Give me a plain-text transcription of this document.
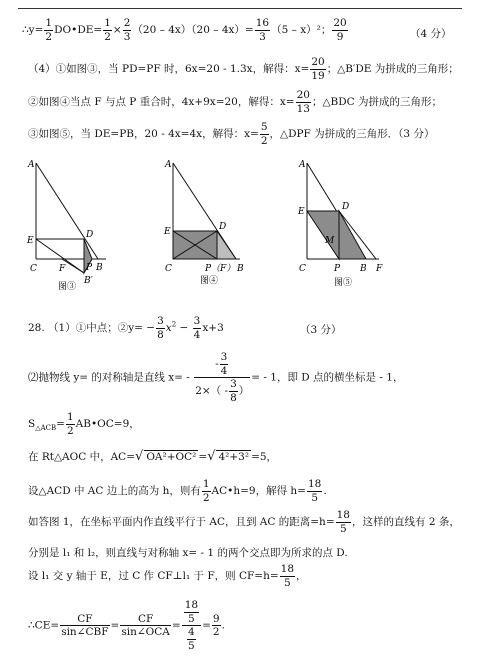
∴y= $\frac{1}{2}$ DO•DE= $\frac{1}{2} \times \frac{2}{3} (20 - 4x)(20 - 4x)= \frac{16}{3} (5 - x)^2$； $\frac{20}{9}$	（4 分）
（4）①如图③，当 PD=PF 时，6x=20 - 1.3x，解得：$x= \frac{20}{19}$ ；△B′DE 为拼成的三角形；
②如图④当点 F 与点 P 重合时，4x+9x=20，解得：$x= \frac{20}{13}$ ；△BDC 为拼成的三角形；
③如图⑤，当 DE=PB，20 - 4x=4x，解得：$x= \frac{5}{2}$ ，△DPF 为拼成的三角形．（3 分）
A
E
D
C F P B
B′
图③
A
E	D
C	P（F） B
图④
A
E	D
M
C	P B F
图⑤
28. （1）①中点；②y= − $\frac{3}{8} x^2 - \frac{3}{4} x+3$	（3 分）
⑵抛物线 y= 的对称轴是直线 $x= - \frac{- \frac{3}{4}}{2\times( - \frac{3}{8} )}$ = - 1，即 D 点的横坐标是 - 1，
$S_{\triangle ACB}= \frac{1}{2}$ AB•OC=9，
在 Rt△AOC 中，AC=√ OA²+OC² =√ 4²+3² =5，
设△ACD 中 AC 边上的高为 h，则有 $\frac{1}{2}$ AC•h=9，解得 $h= \frac{18}{5}$ .
如答图 1，在坐标平面内作直线平行于 AC，且到 AC 的距离$=h= \frac{18}{5}$ ，这样的直线有 2 条，
分别是 l₁ 和 l₂，则直线与对称轴 x= - 1 的两个交点即为所求的点 D.
设 l₁ 交 y 轴于 E，过 C 作 CF⊥l₁ 于 F，则 $CF=h= \frac{18}{5}$ ，
∴CE= $\frac{CF}{\text{sin∠CBF}} = \frac{CF}{\text{sin∠OCA}} = \frac{\frac{18}{5}}{\frac{4}{5}} = \frac{9}{2}$ .
